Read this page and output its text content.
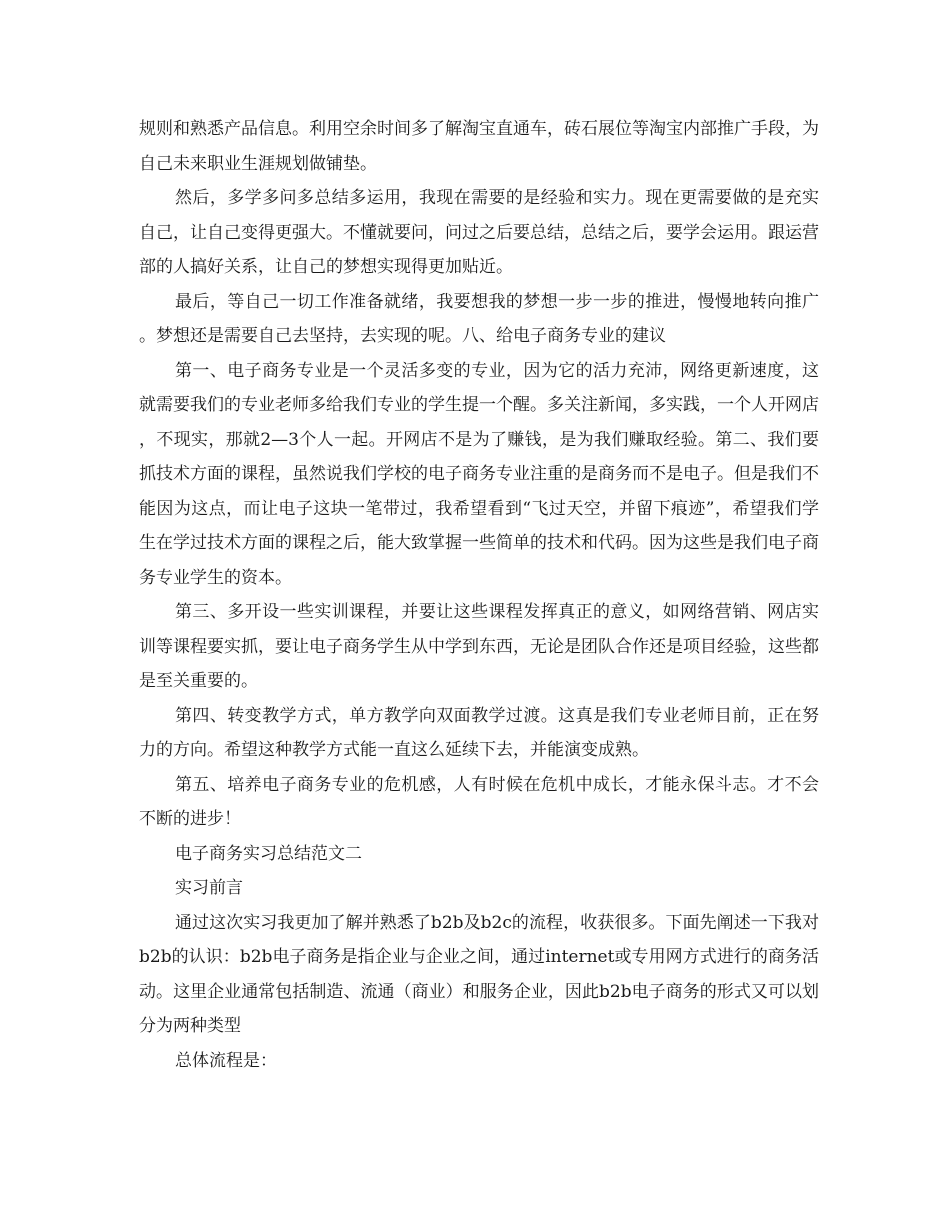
规则和熟悉产品信息。利用空余时间多了解淘宝直通车，砖石展位等淘宝内部推广手段，为自己未来职业生涯规划做铺垫。

然后，多学多问多总结多运用，我现在需要的是经验和实力。现在更需要做的是充实自己，让自己变得更强大。不懂就要问，问过之后要总结，总结之后，要学会运用。跟运营部的人搞好关系，让自己的梦想实现得更加贴近。

最后，等自己一切工作准备就绪，我要想我的梦想一步一步的推进，慢慢地转向推广。梦想还是需要自己去坚持，去实现的呢。八、给电子商务专业的建议

第一、电子商务专业是一个灵活多变的专业，因为它的活力充沛，网络更新速度，这就需要我们的专业老师多给我们专业的学生提一个醒。多关注新闻，多实践，一个人开网店，不现实，那就2—3个人一起。开网店不是为了赚钱，是为我们赚取经验。第二、我们要抓技术方面的课程，虽然说我们学校的电子商务专业注重的是商务而不是电子。但是我们不能因为这点，而让电子这块一笔带过，我希望看到“飞过天空，并留下痕迹”，希望我们学生在学过技术方面的课程之后，能大致掌握一些简单的技术和代码。因为这些是我们电子商务专业学生的资本。

第三、多开设一些实训课程，并要让这些课程发挥真正的意义，如网络营销、网店实训等课程要实抓，要让电子商务学生从中学到东西，无论是团队合作还是项目经验，这些都是至关重要的。

第四、转变教学方式，单方教学向双面教学过渡。这真是我们专业老师目前，正在努力的方向。希望这种教学方式能一直这么延续下去，并能演变成熟。

第五、培养电子商务专业的危机感，人有时候在危机中成长，才能永保斗志。才不会不断的进步！

电子商务实习总结范文二

实习前言

通过这次实习我更加了解并熟悉了b2b及b2c的流程，收获很多。下面先阐述一下我对b2b的认识：b2b电子商务是指企业与企业之间，通过internet或专用网方式进行的商务活动。这里企业通常包括制造、流通（商业）和服务企业，因此b2b电子商务的形式又可以划分为两种类型

总体流程是：
